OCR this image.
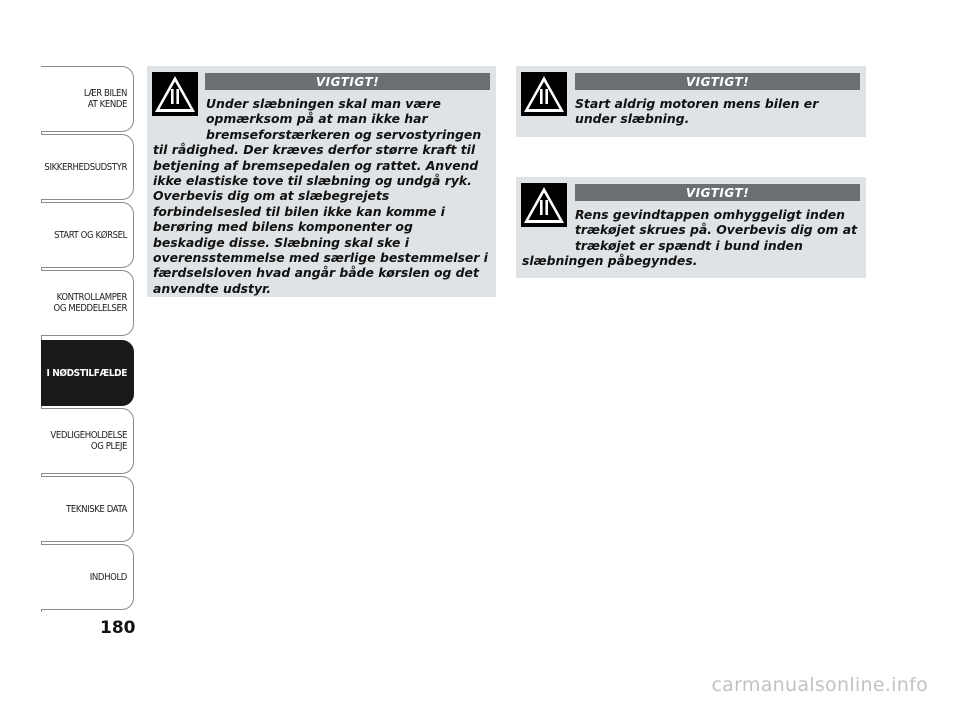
LÆR BILEN
AT KENDE
SIKKERHEDSUDSTYR
START OG KØRSEL
KONTROLLAMPER
OG MEDDELELSER
I NØDSTILFÆLDE
VEDLIGEHOLDELSE
OG PLEJE
TEKNISKE DATA
INDHOLD
180
VIGTIGT!

Under slæbningen skal man være opmærksom på at man ikke har bremseforstærkeren og servostyringen til rådighed. Der kræves derfor større kraft til betjening af bremsepedalen og rattet. Anvend ikke elastiske tove til slæbning og undgå ryk. Overbevis dig om at slæbegrejets forbindelsesled til bilen ikke kan komme i berøring med bilens komponenter og beskadige disse. Slæbning skal ske i overensstemmelse med særlige bestemmelser i færdselsloven hvad angår både kørslen og det anvendte udstyr.

VIGTIGT!

Start aldrig motoren mens bilen er under slæbning.

VIGTIGT!

Rens gevindtappen omhyggeligt inden trækøjet skrues på. Overbevis dig om at trækøjet er spændt i bund inden slæbningen påbegyndes.

carmanualsonline.info
